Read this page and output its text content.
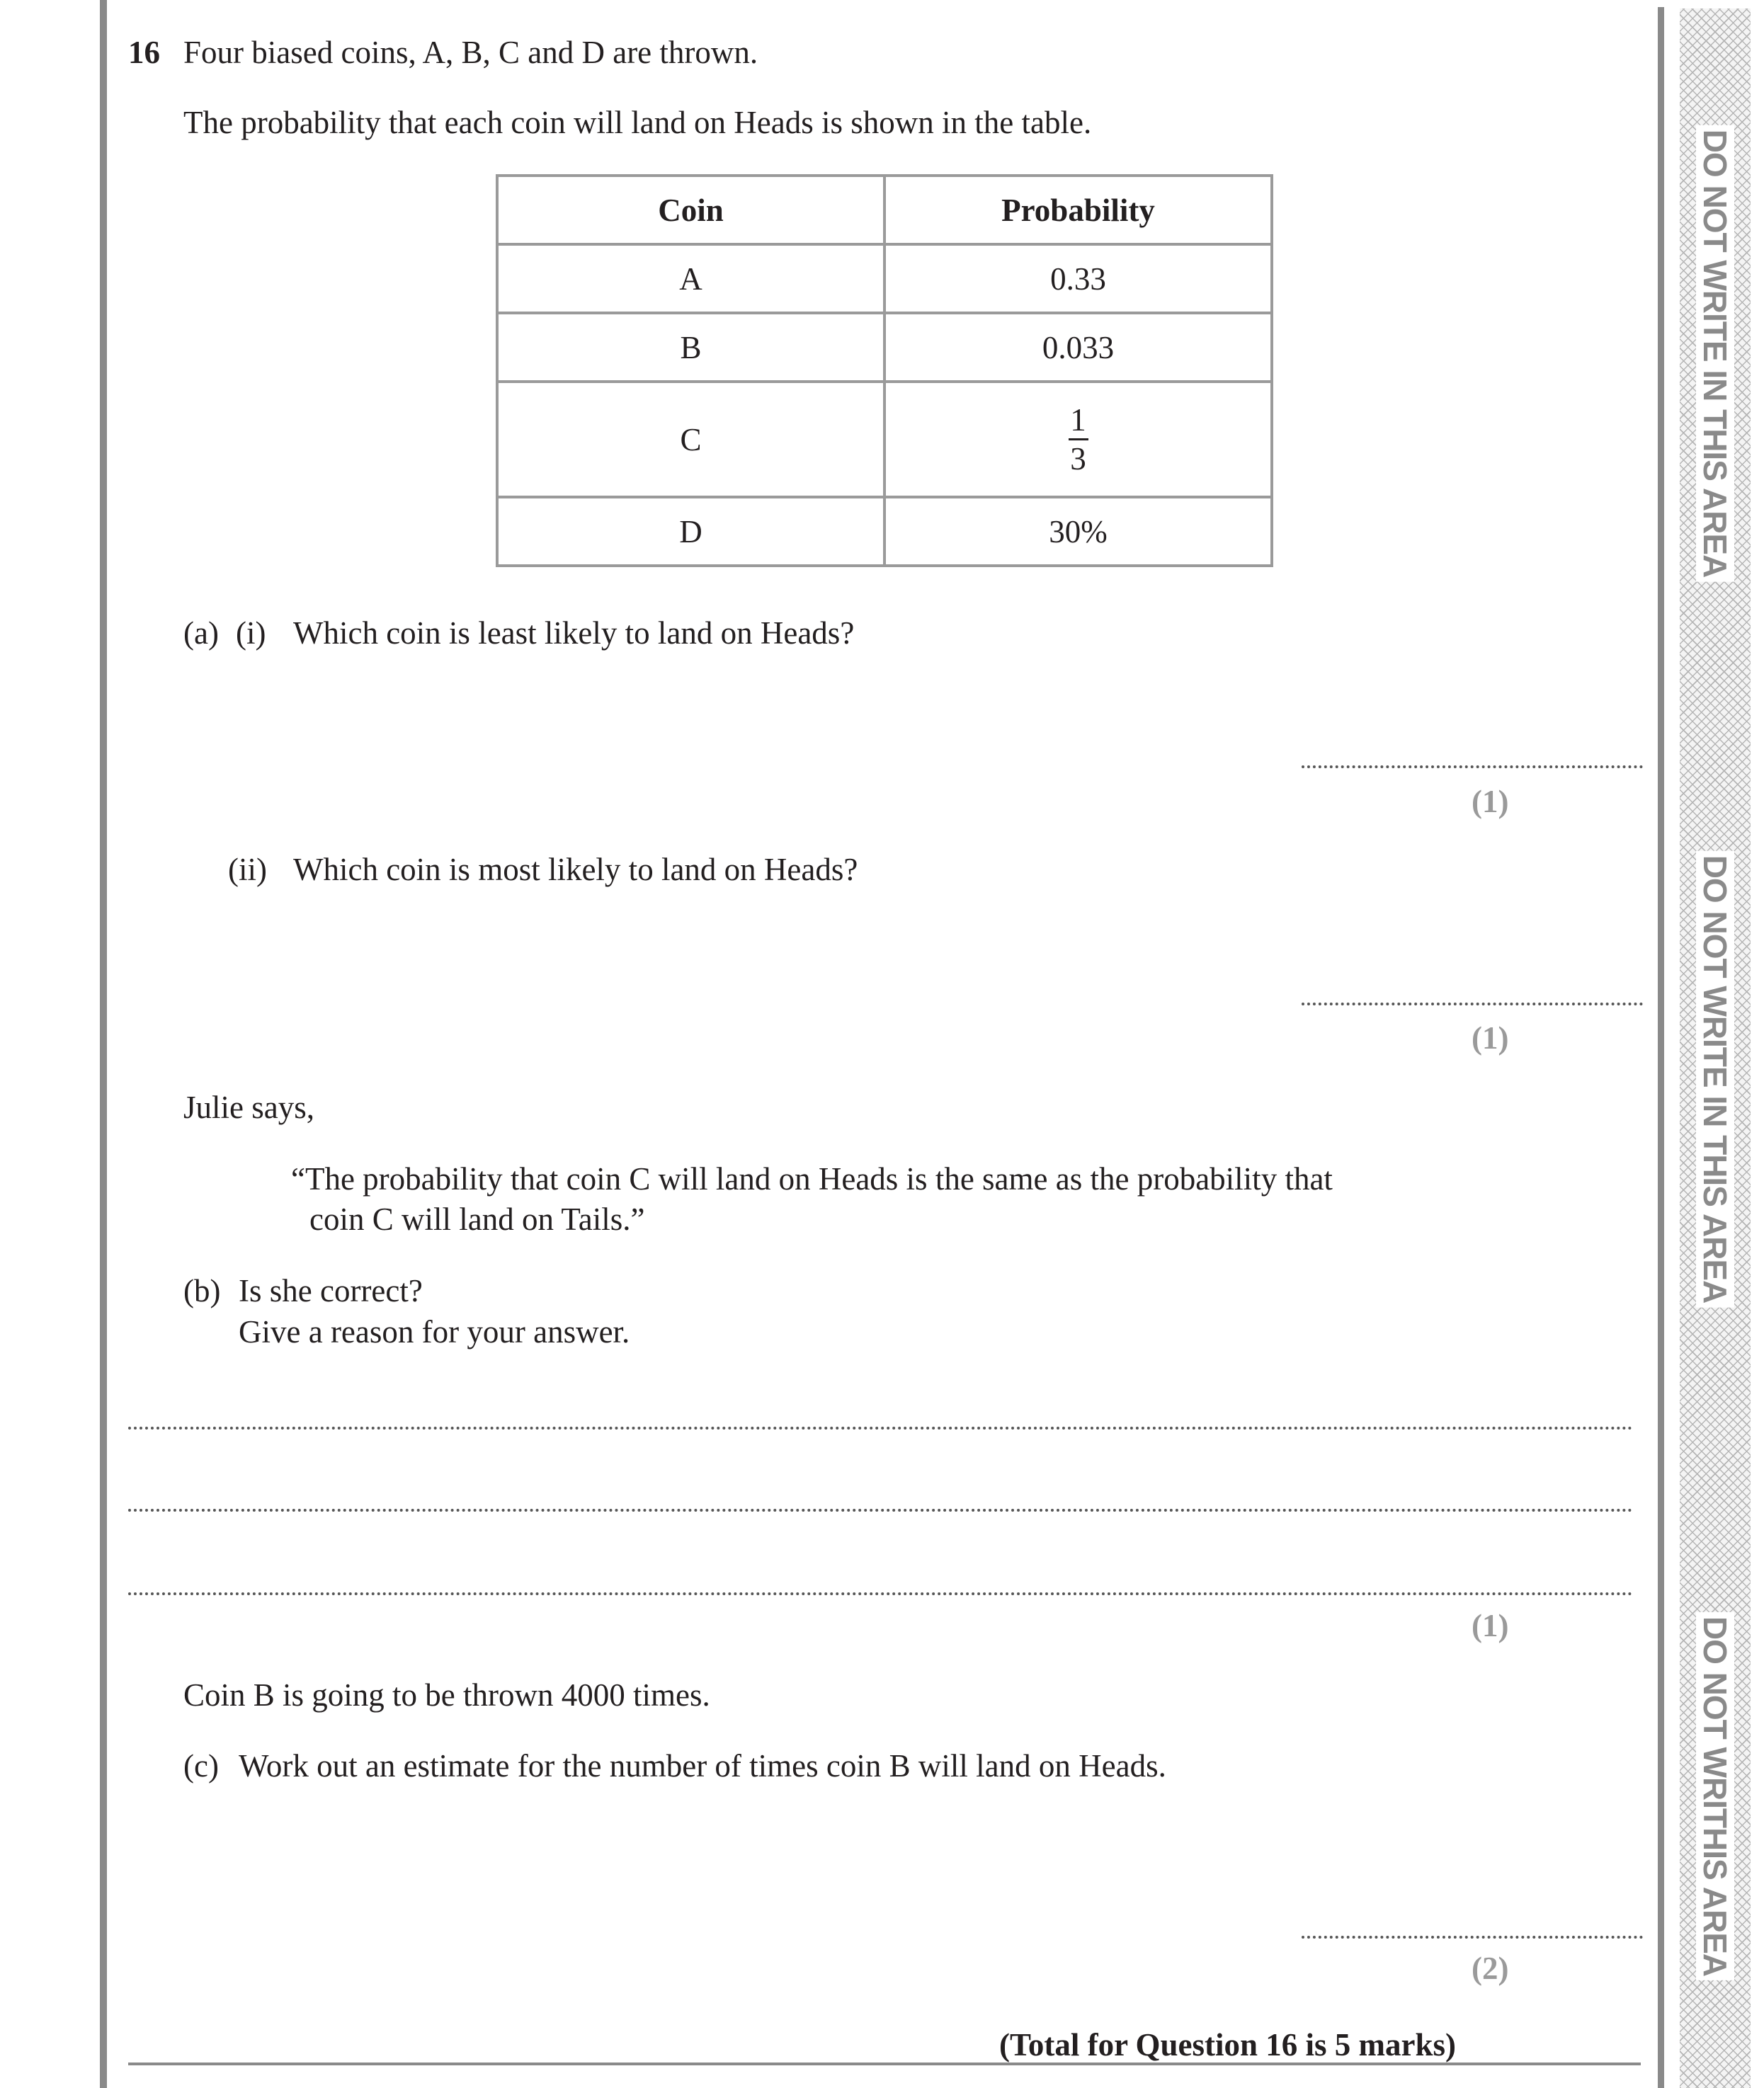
DO NOT WRITE IN THIS AREA
DO NOT WRITE IN THIS AREA
DO NOT WRITHIS AREA
16 Four biased coins, A, B, C and D are thrown.
The probability that each coin will land on Heads is shown in the table.
Coin	Probability
A	0.33
B	0.033
C	$\frac{1}{3}$
D	30%
(a) (i) Which coin is least likely to land on Heads?
(1)
(ii) Which coin is most likely to land on Heads?
(1)
Julie says,
“The probability that coin C will land on Heads is the same as the probability that
coin C will land on Tails.”
(b) Is she correct?
Give a reason for your answer.
(1)
Coin B is going to be thrown 4000 times.
(c) Work out an estimate for the number of times coin B will land on Heads.
(2)
(Total for Question 16 is 5 marks)
